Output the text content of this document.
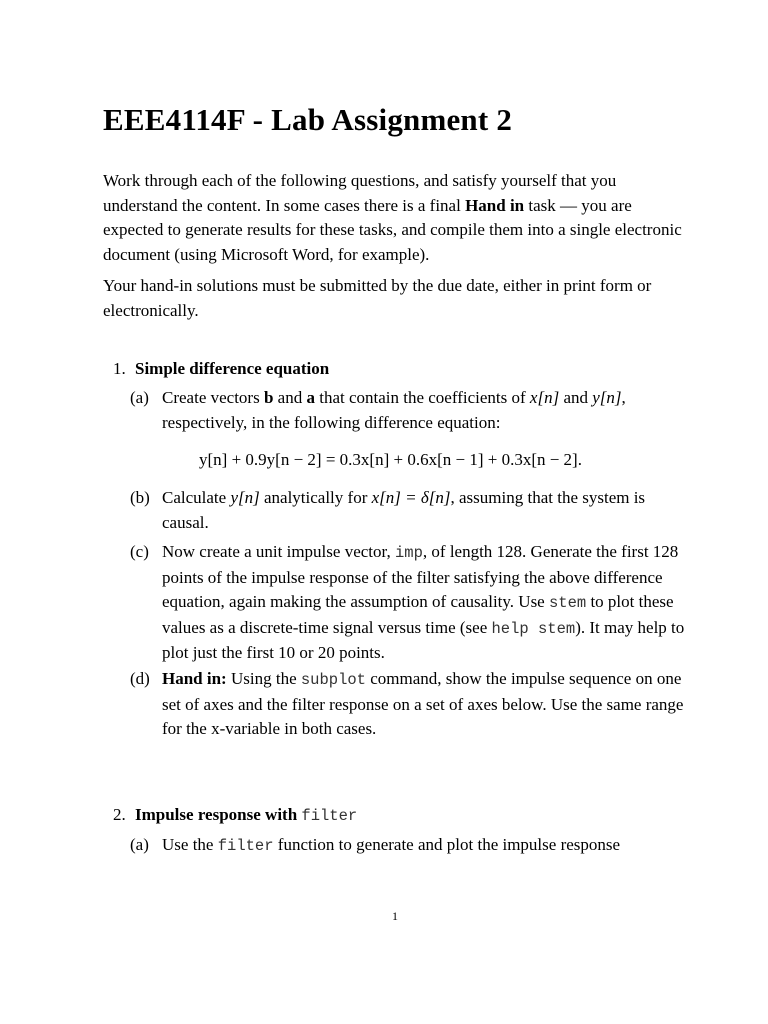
EEE4114F - Lab Assignment 2

Work through each of the following questions, and satisfy yourself that you understand the content. In some cases there is a final Hand in task — you are expected to generate results for these tasks, and compile them into a single electronic document (using Microsoft Word, for example).

Your hand-in solutions must be submitted by the due date, either in print form or electronically.

1. Simple difference equation
(a) Create vectors b and a that contain the coefficients of x[n] and y[n], respectively, in the following difference equation:
y[n] + 0.9y[n − 2] = 0.3x[n] + 0.6x[n − 1] + 0.3x[n − 2].
(b) Calculate y[n] analytically for x[n] = δ[n], assuming that the system is causal.
(c) Now create a unit impulse vector, imp, of length 128. Generate the first 128 points of the impulse response of the filter satisfying the above difference equation, again making the assumption of causality. Use stem to plot these values as a discrete-time signal versus time (see help stem). It may help to plot just the first 10 or 20 points.
(d) Hand in: Using the subplot command, show the impulse sequence on one set of axes and the filter response on a set of axes below. Use the same range for the x-variable in both cases.
2. Impulse response with filter
(a) Use the filter function to generate and plot the impulse response
1
